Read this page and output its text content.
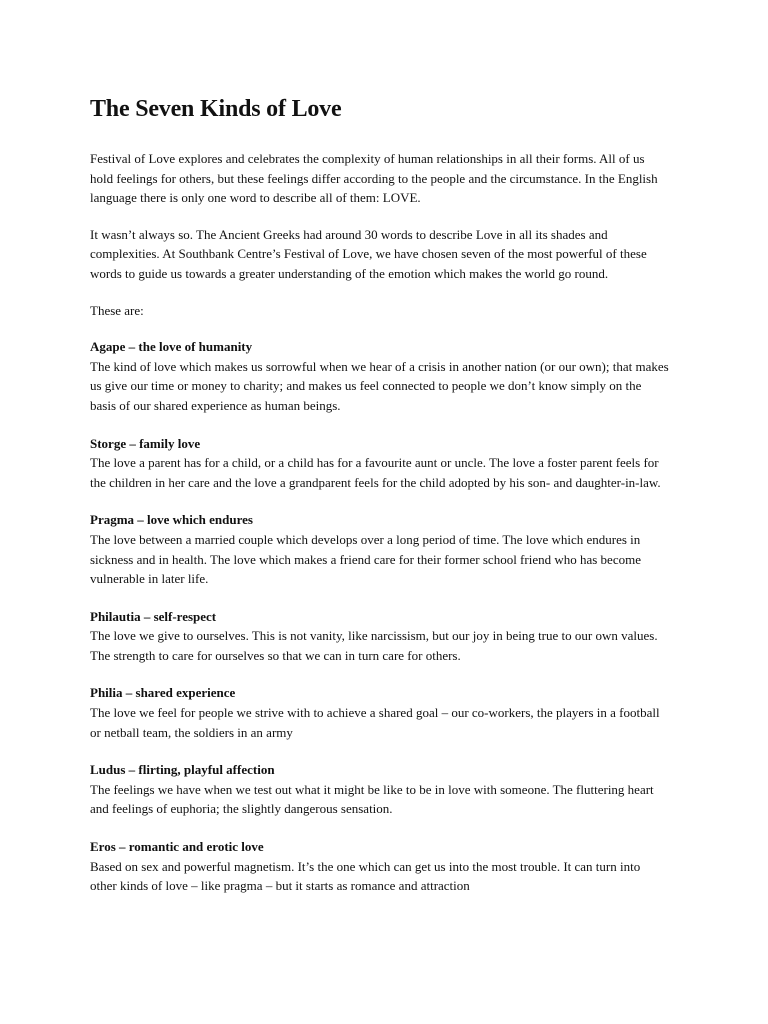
The Seven Kinds of Love

Festival of Love explores and celebrates the complexity of human relationships in all their forms. All of us hold feelings for others, but these feelings differ according to the people and the circumstance. In the English language there is only one word to describe all of them: LOVE.

It wasn’t always so. The Ancient Greeks had around 30 words to describe Love in all its shades and complexities. At Southbank Centre’s Festival of Love, we have chosen seven of the most powerful of these words to guide us towards a greater understanding of the emotion which makes the world go round.

These are:

Agape – the love of humanity

The kind of love which makes us sorrowful when we hear of a crisis in another nation (or our own); that makes us give our time or money to charity; and makes us feel connected to people we don’t know simply on the basis of our shared experience as human beings.

Storge – family love

The love a parent has for a child, or a child has for a favourite aunt or uncle. The love a foster parent feels for the children in her care and the love a grandparent feels for the child adopted by his son- and daughter-in-law.

Pragma – love which endures

The love between a married couple which develops over a long period of time. The love which endures in sickness and in health. The love which makes a friend care for their former school friend who has become vulnerable in later life.

Philautia – self-respect

The love we give to ourselves. This is not vanity, like narcissism, but our joy in being true to our own values. The strength to care for ourselves so that we can in turn care for others.

Philia – shared experience

The love we feel for people we strive with to achieve a shared goal – our co-workers, the players in a football or netball team, the soldiers in an army

Ludus – flirting, playful affection

The feelings we have when we test out what it might be like to be in love with someone. The fluttering heart and feelings of euphoria; the slightly dangerous sensation.

Eros – romantic and erotic love

Based on sex and powerful magnetism. It’s the one which can get us into the most trouble. It can turn into other kinds of love – like pragma – but it starts as romance and attraction
